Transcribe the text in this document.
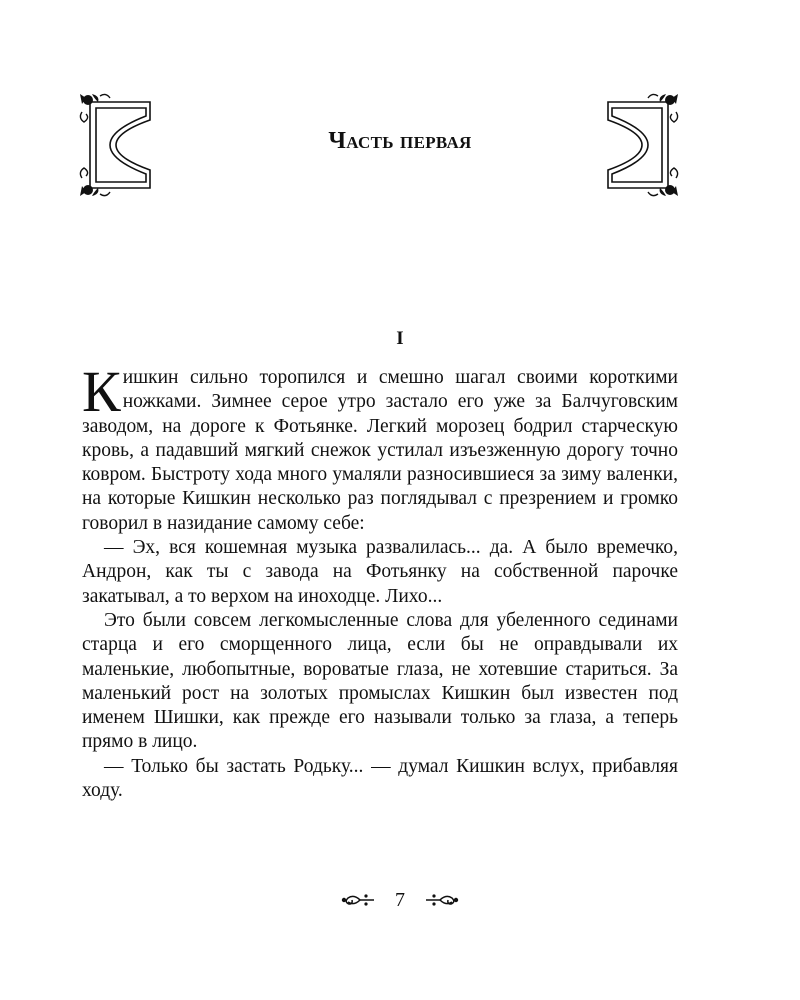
Часть первая
I

Кишкин сильно торопился и смешно шагал своими короткими ножками. Зимнее серое утро застало его уже за Балчуговским заводом, на дороге к Фотьянке. Легкий морозец бодрил старческую кровь, а падавший мягкий снежок устилал изъезженную дорогу точно ковром. Быстроту хода много умаляли разносившиеся за зиму валенки, на которые Кишкин несколько раз поглядывал с презрением и громко говорил в назидание самому себе:

— Эх, вся кошемная музыка развалилась... да. А было времечко, Андрон, как ты с завода на Фотьянку на собственной парочке закатывал, а то верхом на иноходце. Лихо...

Это были совсем легкомысленные слова для убеленного сединами старца и его сморщенного лица, если бы не оправдывали их маленькие, любопытные, вороватые глаза, не хотевшие стариться. За маленький рост на золотых промыслах Кишкин был известен под именем Шишки, как прежде его называли только за глаза, а теперь прямо в лицо.

— Только бы застать Родьку... — думал Кишкин вслух, прибавляя ходу.

7
